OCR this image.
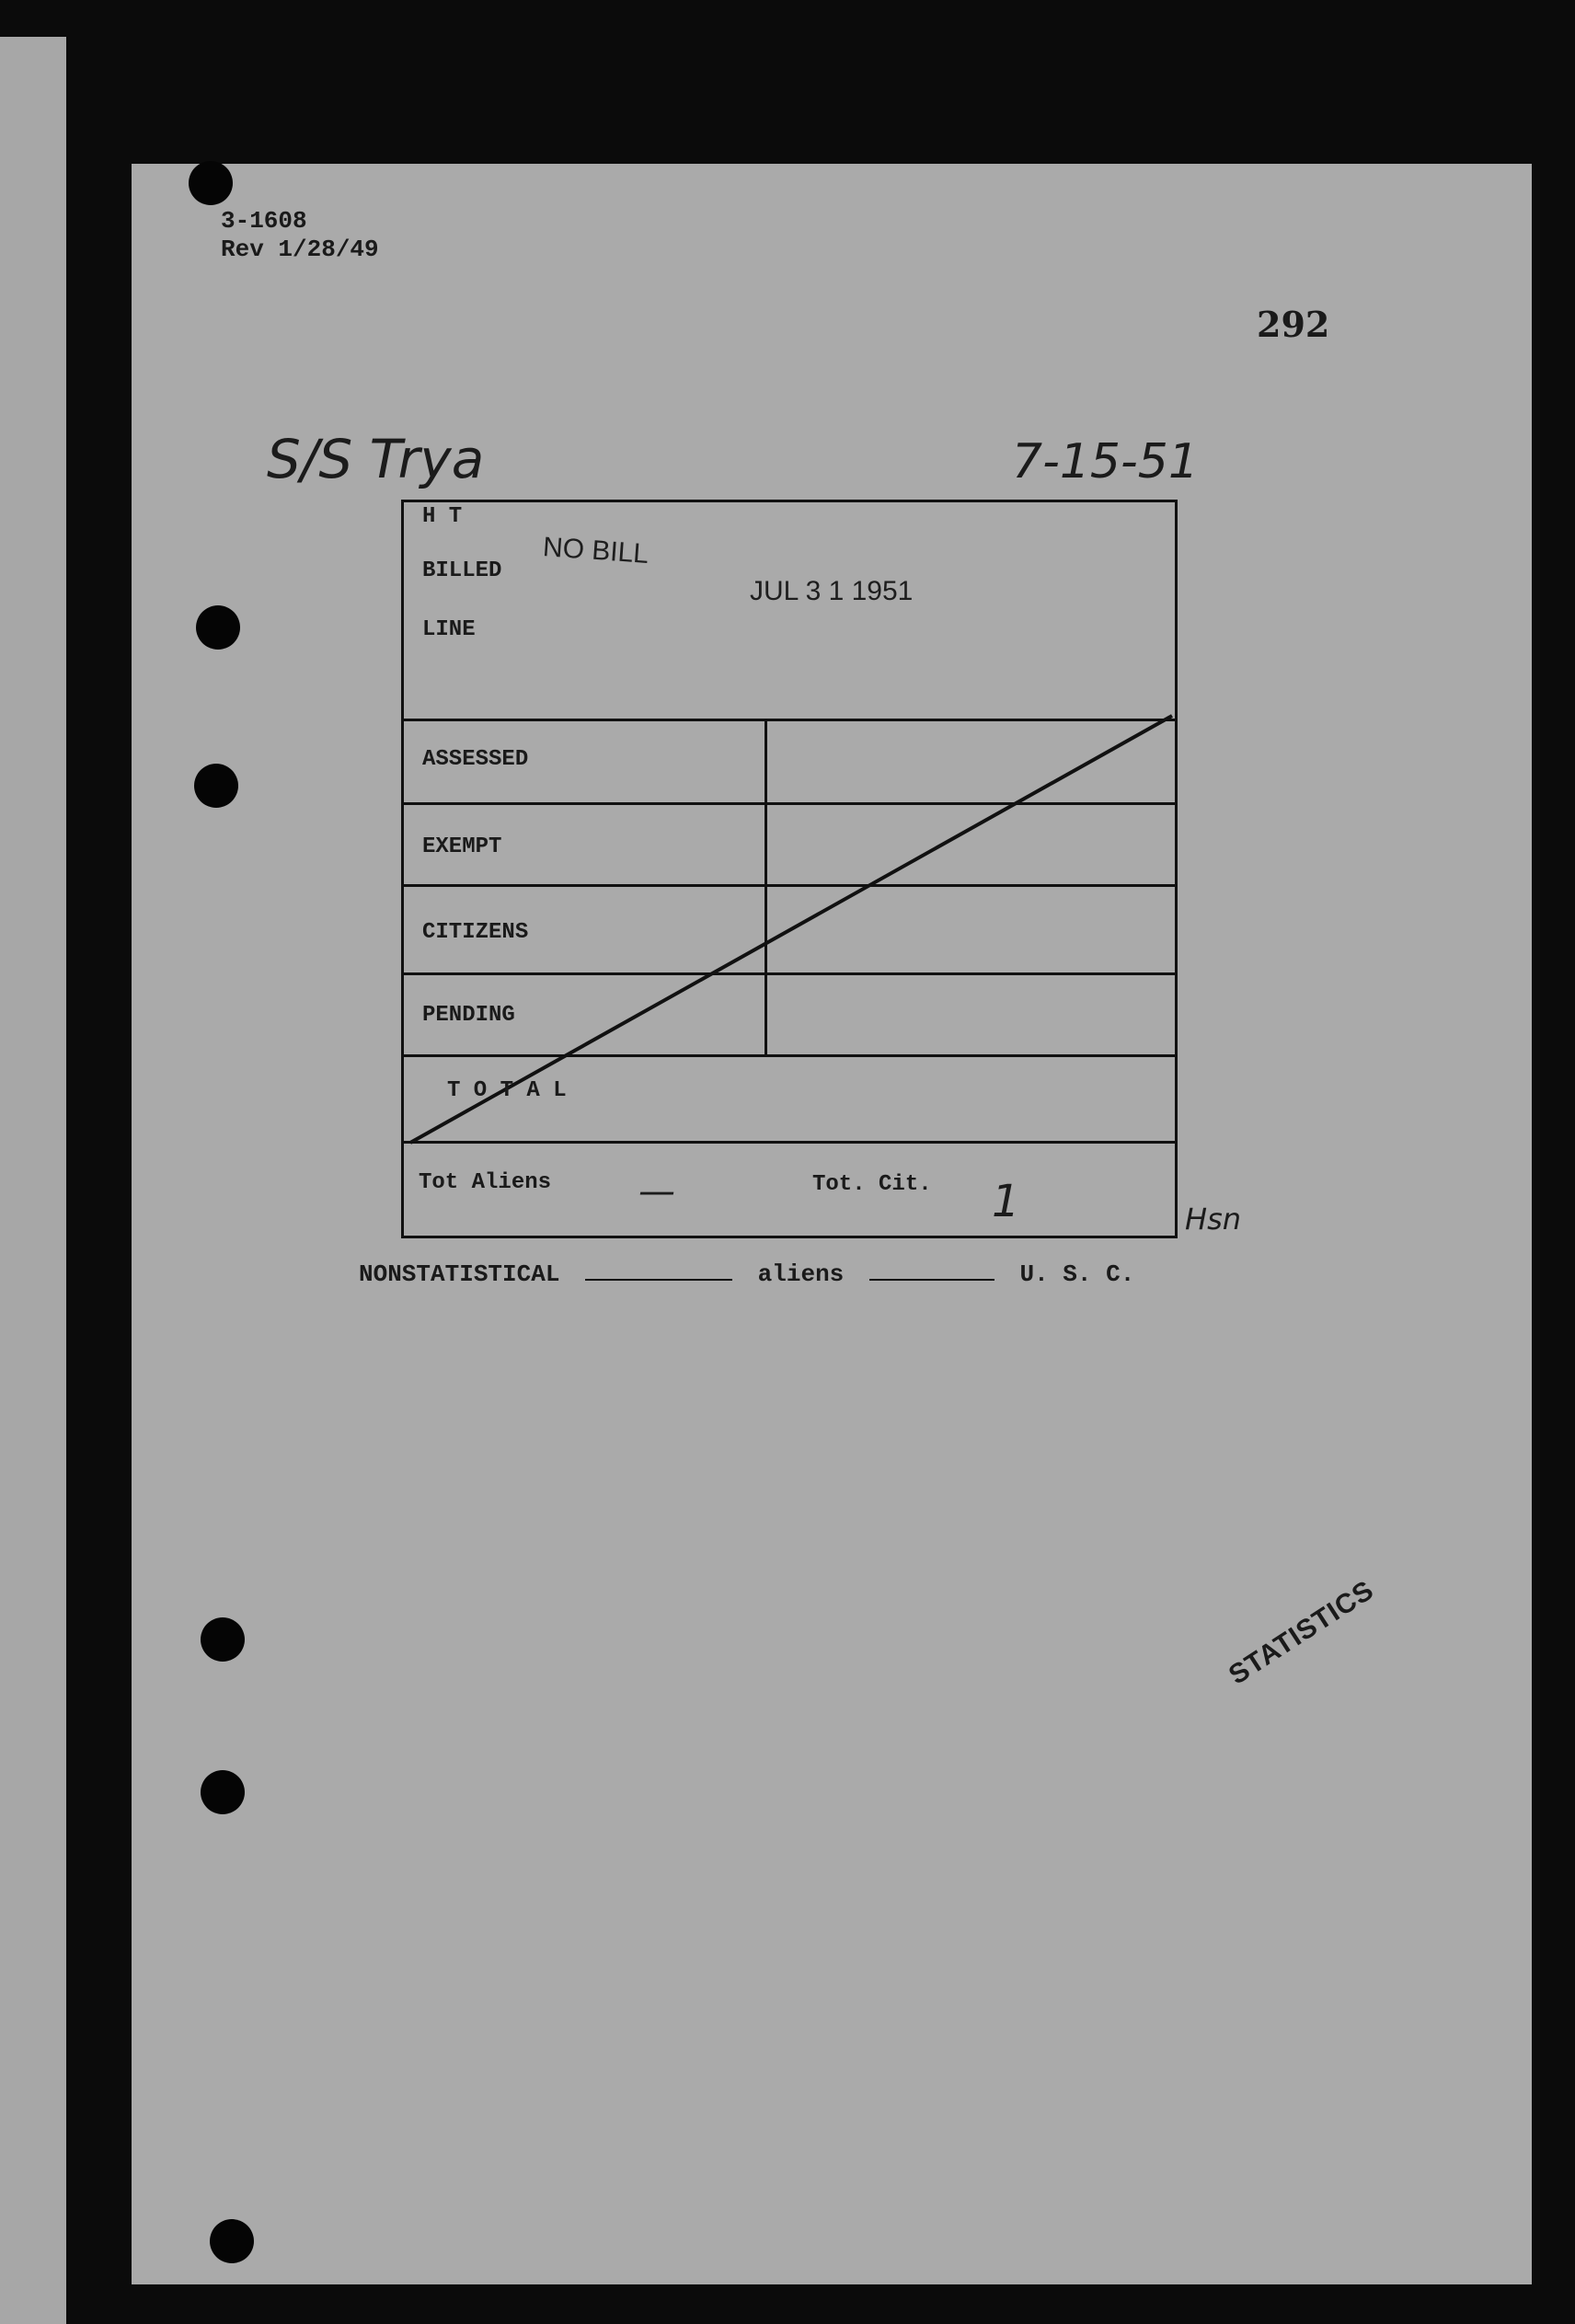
3-1608
Rev 1/28/49
292
S/S Trya	7-15-51
H T
BILLED
LINE
NO BILL
JUL 3 1 1951
ASSESSED
EXEMPT
CITIZENS
PENDING
T O T A L
Tot Aliens —	Tot. Cit. 1	Hsn
NONSTATISTICAL	aliens	U. S. C.
STATISTICS
